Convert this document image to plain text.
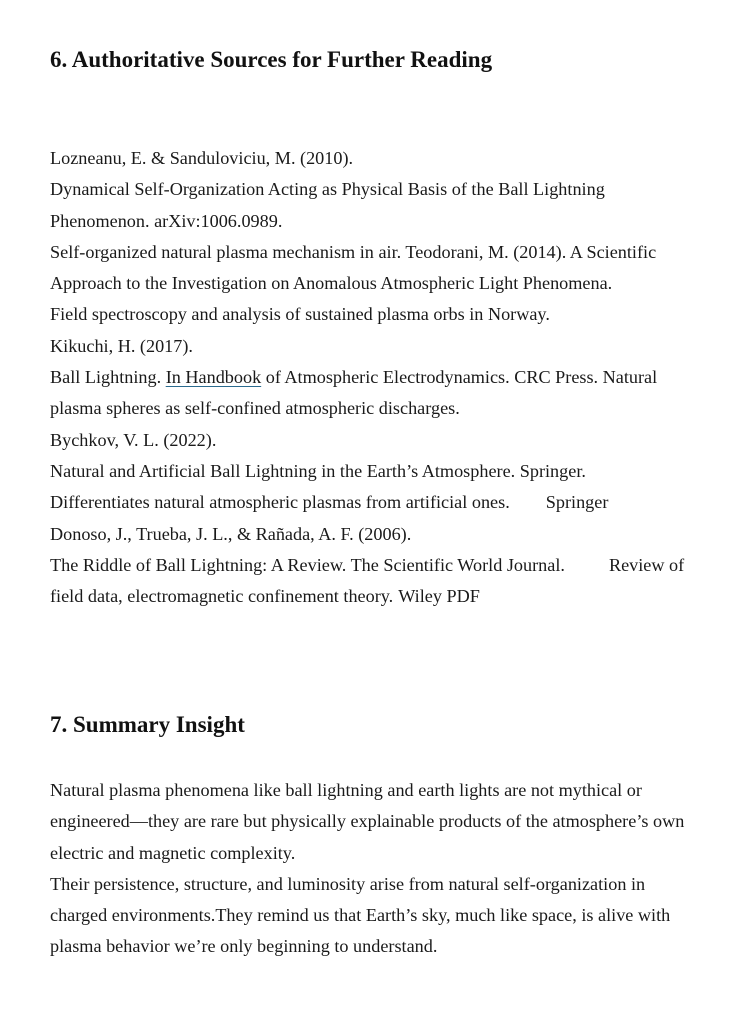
6. Authoritative Sources for Further Reading
Lozneanu, E. & Sanduloviciu, M. (2010).
Dynamical Self-Organization Acting as Physical Basis of the Ball Lightning
Phenomenon. arXiv:1006.0989.
Self-organized natural plasma mechanism in air. Teodorani, M. (2014). A Scientific
Approach to the Investigation on Anomalous Atmospheric Light Phenomena.
Field spectroscopy and analysis of sustained plasma orbs in Norway.
Kikuchi, H. (2017).
Ball Lightning. In Handbook of Atmospheric Electrodynamics. CRC Press. Natural
plasma spheres as self-confined atmospheric discharges.
Bychkov, V. L. (2022).
Natural and Artificial Ball Lightning in the Earth’s Atmosphere. Springer.
Differentiates natural atmospheric plasmas from artificial ones. Springer
Donoso, J., Trueba, J. L., & Rañada, A. F. (2006).
The Riddle of Ball Lightning: A Review. The Scientific World Journal. Review of
field data, electromagnetic confinement theory. Wiley PDF
7. Summary Insight
Natural plasma phenomena like ball lightning and earth lights are not mythical or
engineered—they are rare but physically explainable products of the atmosphere’s own
electric and magnetic complexity.
Their persistence, structure, and luminosity arise from natural self-organization in
charged environments.They remind us that Earth’s sky, much like space, is alive with
plasma behavior we’re only beginning to understand.
